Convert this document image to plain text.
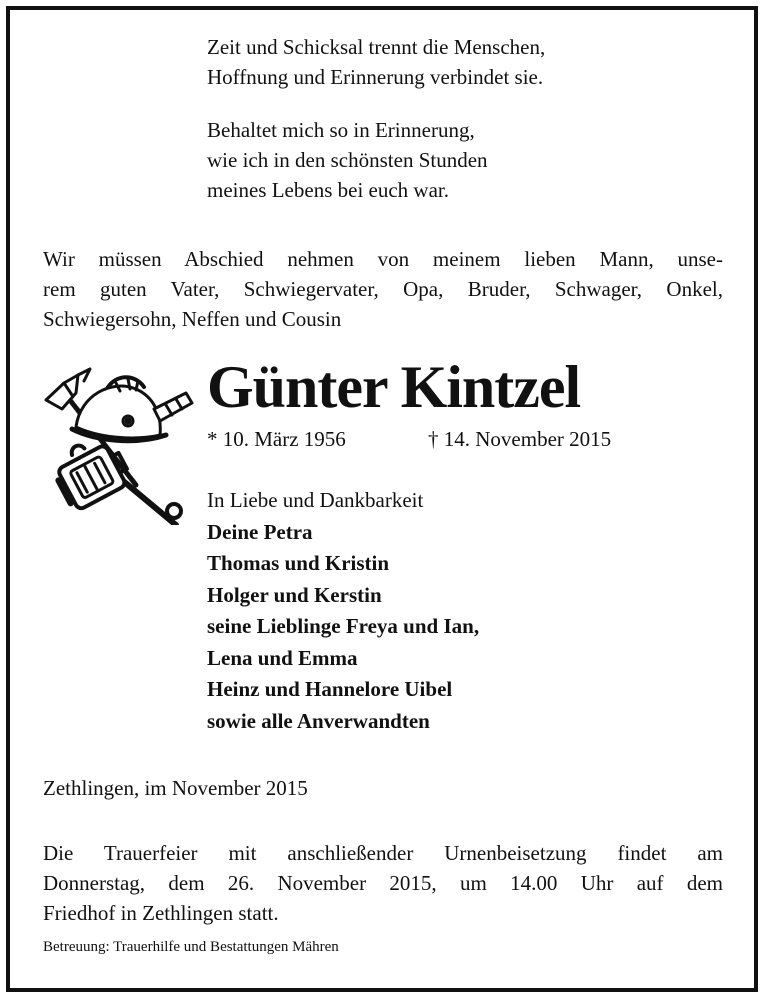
Zeit und Schicksal trennt die Menschen,
Hoffnung und Erinnerung verbindet sie.
Behaltet mich so in Erinnerung,
wie ich in den schönsten Stunden
meines Lebens bei euch war.
Wir müssen Abschied nehmen von meinem lieben Mann, unse-
rem guten Vater, Schwiegervater, Opa, Bruder, Schwager, Onkel,
Schwiegersohn, Neffen und Cousin
Günter Kintzel
* 10. März 1956	† 14. November 2015
In Liebe und Dankbarkeit
Deine Petra
Thomas und Kristin
Holger und Kerstin
seine Lieblinge Freya und Ian,
Lena und Emma
Heinz und Hannelore Uibel
sowie alle Anverwandten
Zethlingen, im November 2015
Die Trauerfeier mit anschließender Urnenbeisetzung findet am
Donnerstag, dem 26. November 2015, um 14.00 Uhr auf dem
Friedhof in Zethlingen statt.
Betreuung: Trauerhilfe und Bestattungen Mähren
